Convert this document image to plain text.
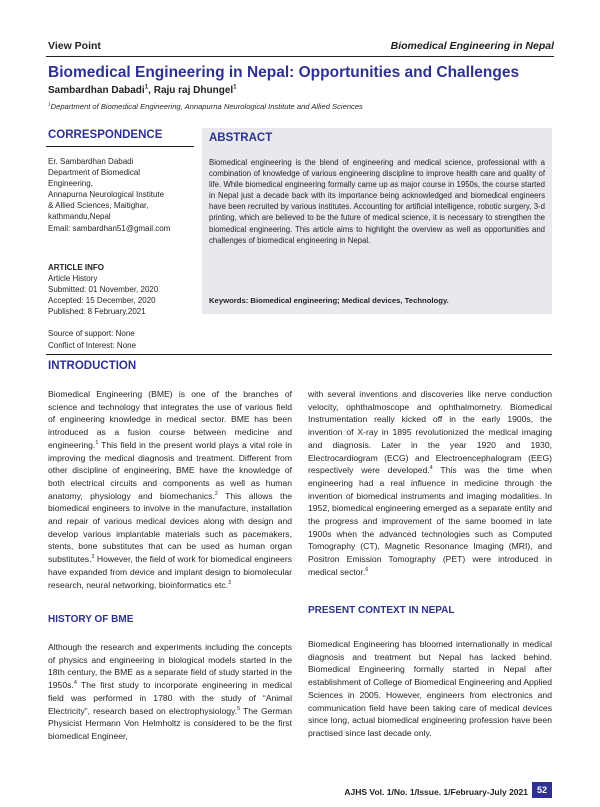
View Point	Biomedical Engineering in Nepal
Biomedical Engineering in Nepal: Opportunities and Challenges
Sambardhan Dabadi$^1$, Raju raj Dhungel$^1$
$^1$Department of Biomedical Engineering, Annapurna Neurological Institute and Allied Sciences
CORRESPONDENCE
Er. Sambardhan Dabadi
Department of Biomedical
Engineering,
Annapurna Neurological Institute
& Allied Sciences, Maitighar,
kathmandu,Nepal
Email: sambardhan51@gmail.com
ARTICLE INFO
Article History
Submitted: 01 November, 2020
Accepted: 15 December, 2020
Published: 8 February,2021
Source of support: None
Conflict of Interest: None
ABSTRACT
Biomedical engineering is the blend of engineering and medical science, professional with a combination of knowledge of various engineering discipline to improve health care and quality of life. While biomedical engineering formally came up as major course in 1950s, the course started in Nepal just a decade back with its importance being acknowledged and biomedical engineers have been recruited by various institutes. Accounting for artificial intelligence, robotic surgery, 3-d printing, which are believed to be the future of medical science, it is necessary to strengthen the biomedical engineering. This article aims to highlight the overview as well as opportunities and challenges of biomedical engineering in Nepal.
Keywords: Biomedical engineering; Medical devices, Technology.
INTRODUCTION
Biomedical Engineering (BME) is one of the branches of science and technology that integrates the use of various field of engineering knowledge in medical sector. BME has been introduced as a fusion course between medicine and engineering.$^1$ This field in the present world plays a vital role in improving the medical diagnosis and treatment. Different from other discipline of engineering, BME have the knowledge of both electrical circuits and components as well as human anatomy, physiology and biomechanics.$^2$ This allows the biomedical engineers to involve in the manufacture, installation and repair of various medical devices along with design and develop various implantable materials such as pacemakers, stents, bone substitutes that can be used as human organ substitutes.$^3$ However, the field of work for biomedical engineers have expanded from device and implant design to biomolecular research, neural networking, bioinformatics etc.$^3$
HISTORY OF BME
Although the research and experiments including the concepts of physics and engineering in biological models started in the 18th century, the BME as a separate field of study started in the 1950s.$^4$ The first study to incorporate engineering in medical field was performed in 1780 with the study of “Animal Electricity”, research based on electrophysiology.$^5$ The German Physicist Hermann Von Helmholtz is considered to be the first biomedical Engineer,
with several inventions and discoveries like nerve conduction velocity, ophthalmoscope and ophthalmometry. Biomedical Instrumentation really kicked off in the early 1900s, the invention of X-ray in 1895 revolutionized the medical imaging and diagnosis. Later in the year 1920 and 1930, Electrocardiogram (ECG) and Electroencephalogram (EEG) respectively were developed.$^4$ This was the time when engineering had a real influence in medicine through the invention of biomedical instruments and imaging modalities. In 1952, biomedical engineering emerged as a separate entity and the progress and improvement of the same boomed in late 1900s when the advanced technologies such as Computed Tomography (CT), Magnetic Resonance Imaging (MRI), and Positron Emission Tomography (PET) were introduced in medical sector.$^6$
PRESENT CONTEXT IN NEPAL
Biomedical Engineering has bloomed internationally in medical diagnosis and treatment but Nepal has lacked behind. Biomedical Engineering formally started in Nepal after establishment of College of Biomedical Engineering and Applied Sciences in 2005. However, engineers from electronics and communication field have been taking care of medical devices since long, actual biomedical engineering profession have been practised since last decade only.
AJHS Vol. 1/No. 1/Issue. 1/February-July 2021 52
